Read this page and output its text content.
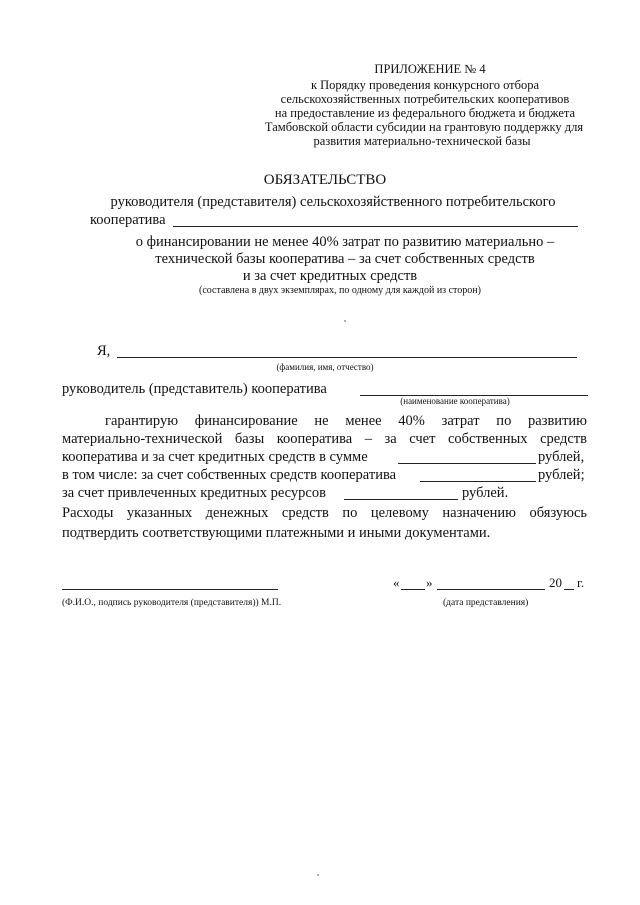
ПРИЛОЖЕНИЕ № 4
к Порядку проведения конкурсного отбора
сельскохозяйственных потребительских кооперативов
на предоставление из федерального бюджета и бюджета
Тамбовской области субсидии на грантовую поддержку для
развития материально-технической базы
ОБЯЗАТЕЛЬСТВО
руководителя (представителя) сельскохозяйственного потребительского
кооператива
о финансировании не менее 40% затрат по развитию материально –
технической базы кооператива – за счет собственных средств
и за счет кредитных средств
(составлена в двух экземплярах, по одному для каждой из сторон)
Я,
(фамилия, имя, отчество)
руководитель (представитель) кооператива
(наименование кооператива)
гарантирую финансирование не менее 40% затрат по развитию
материально-технической базы кооператива – за счет собственных средств
кооператива и за счет кредитных средств в сумме	рублей,
в том числе: за счет собственных средств кооператива	рублей;
за счет привлеченных кредитных ресурсов	рублей.
Расходы указанных денежных средств по целевому назначению обязуюсь
подтвердить соответствующими платежными и иными документами.
« »	20 г.
(Ф.И.О., подпись руководителя (представителя)) М.П.	(дата представления)
